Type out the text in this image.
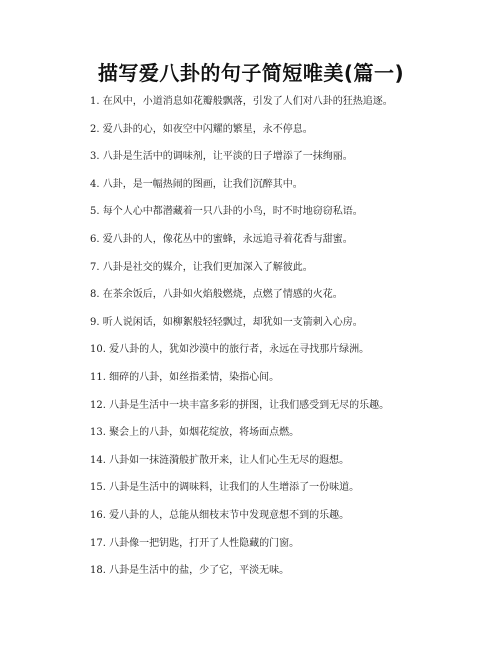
描写爱八卦的句子简短唯美(篇一)
1. 在风中，小道消息如花瓣般飘落，引发了人们对八卦的狂热追逐。
2. 爱八卦的心，如夜空中闪耀的繁星，永不停息。
3. 八卦是生活中的调味剂，让平淡的日子增添了一抹绚丽。
4. 八卦，是一幅热闹的图画，让我们沉醉其中。
5. 每个人心中都潜藏着一只八卦的小鸟，时不时地窃窃私语。
6. 爱八卦的人，像花丛中的蜜蜂，永远追寻着花香与甜蜜。
7. 八卦是社交的媒介，让我们更加深入了解彼此。
8. 在茶余饭后，八卦如火焰般燃烧，点燃了情感的火花。
9. 听人说闲话，如柳絮般轻轻飘过，却犹如一支箭刺入心房。
10. 爱八卦的人，犹如沙漠中的旅行者，永远在寻找那片绿洲。
11. 细碎的八卦，如丝指柔情，染指心间。
12. 八卦是生活中一块丰富多彩的拼图，让我们感受到无尽的乐趣。
13. 聚会上的八卦，如烟花绽放，将场面点燃。
14. 八卦如一抹涟漪般扩散开来，让人们心生无尽的遐想。
15. 八卦是生活中的调味料，让我们的人生增添了一份味道。
16. 爱八卦的人，总能从细枝末节中发现意想不到的乐趣。
17. 八卦像一把钥匙，打开了人性隐藏的门窗。
18. 八卦是生活中的盐，少了它，平淡无味。
